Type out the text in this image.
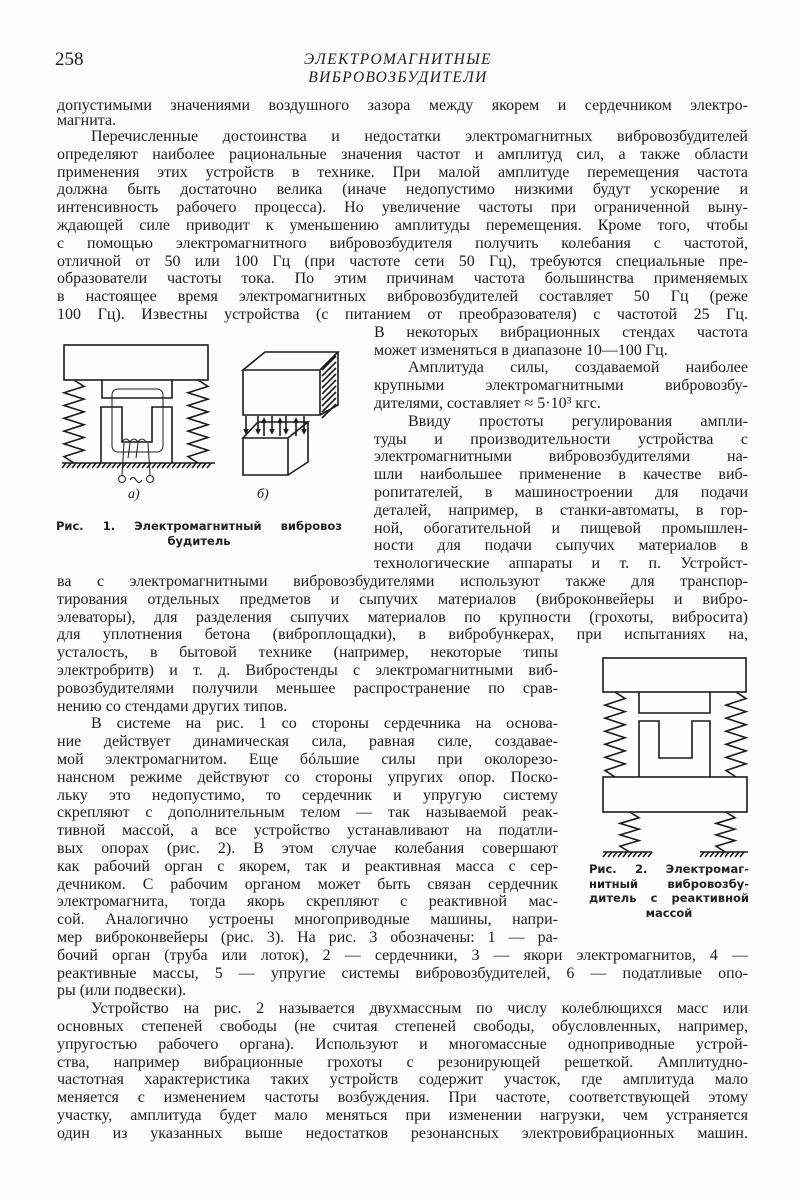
258	ЭЛЕКТРОМАГНИТНЫЕ ВИБРОВОЗБУДИТЕЛИ
допустимыми значениями воздушного зазора между якорем и сердечником электро-
магнита.
Перечисленные достоинства и недостатки электромагнитных вибровозбудителей
определяют наиболее рациональные значения частот и амплитуд сил, а также области
применения этих устройств в технике. При малой амплитуде перемещения частота
должна быть достаточно велика (иначе недопустимо низкими будут ускорение и
интенсивность рабочего процесса). Но увеличение частоты при ограниченной выну-
ждающей силе приводит к уменьшению амплитуды перемещения. Кроме того, чтобы
с помощью электромагнитного вибровозбудителя получить колебания с частотой,
отличной от 50 или 100 Гц (при частоте сети 50 Гц), требуются специальные пре-
образователи частоты тока. По этим причинам частота большинства применяемых
в настоящее время электромагнитных вибровозбудителей составляет 50 Гц (реже
100 Гц). Известны устройства (с питанием от преобразователя) с частотой 25 Гц.
В некоторых вибрационных стендах частота
может изменяться в диапазоне 10—100 Гц.
Амплитуда силы, создаваемой наиболее
крупными электромагнитными вибровозбу-
дителями, составляет ≈ 5·10³ кгс.
Ввиду простоты регулирования ампли-
туды и производительности устройства с
электромагнитными вибровозбудителями на-
шли наибольшее применение в качестве виб-
ропитателей, в машиностроении для подачи
деталей, например, в станки-автоматы, в гор-
ной, обогатительной и пищевой промышлен-
ности для подачи сыпучих материалов в
технологические аппараты и т. п. Устройст-
ва с электромагнитными вибровозбудителями используют также для транспор-
тирования отдельных предметов и сыпучих материалов (виброконвейеры и вибро-
элеваторы), для разделения сыпучих материалов по крупности (грохоты, вибросита)
для уплотнения бетона (виброплощадки), в вибробункерах, при испытаниях на,
усталость, в бытовой технике (например, некоторые типы
электробритв) и т. д. Вибростенды с электромагнитными виб-
ровозбудителями получили меньшее распространение по срав-
нению со стендами других типов.
В системе на рис. 1 со стороны сердечника на основа-
ние действует динамическая сила, равная силе, создавае-
мой электромагнитом. Еще бóльшие силы при околорезо-
нансном режиме действуют со стороны упругих опор. Поско-
льку это недопустимо, то сердечник и упругую систему
скрепляют с дополнительным телом — так называемой реак-
тивной массой, а все устройство устанавливают на податли-
вых опорах (рис. 2). В этом случае колебания совершают
как рабочий орган с якорем, так и реактивная масса с сер-
дечником. С рабочим органом может быть связан сердечник
электромагнита, тогда якорь скрепляют с реактивной мас-
сой. Аналогично устроены многоприводные машины, напри-
мер виброконвейеры (рис. 3). На рис. 3 обозначены: 1 — ра-
бочий орган (труба или лоток), 2 — сердечники, 3 — якори электромагнитов, 4 —
реактивные массы, 5 — упругие системы вибровозбудителей, 6 — податливые опо-
ры (или подвески).
Устройство на рис. 2 называется двухмассным по числу колеблющихся масс или
основных степеней свободы (не считая степеней свободы, обусловленных, например,
упругостью рабочего органа). Используют и многомассные одноприводные устрой-
ства, например вибрационные грохоты с резонирующей решеткой. Амплитудно-
частотная характеристика таких устройств содержит участок, где амплитуда мало
меняется с изменением частоты возбуждения. При частоте, соответствующей этому
участку, амплитуда будет мало меняться при изменении нагрузки, чем устраняется
один из указанных выше недостатков резонансных электровибрационных машин.
а)	б)
Рис. 1. Электромагнитный вибровоз
будитель
Рис. 2. Электромаг-
нитный вибровозбу-
дитель с реактивной
массой
